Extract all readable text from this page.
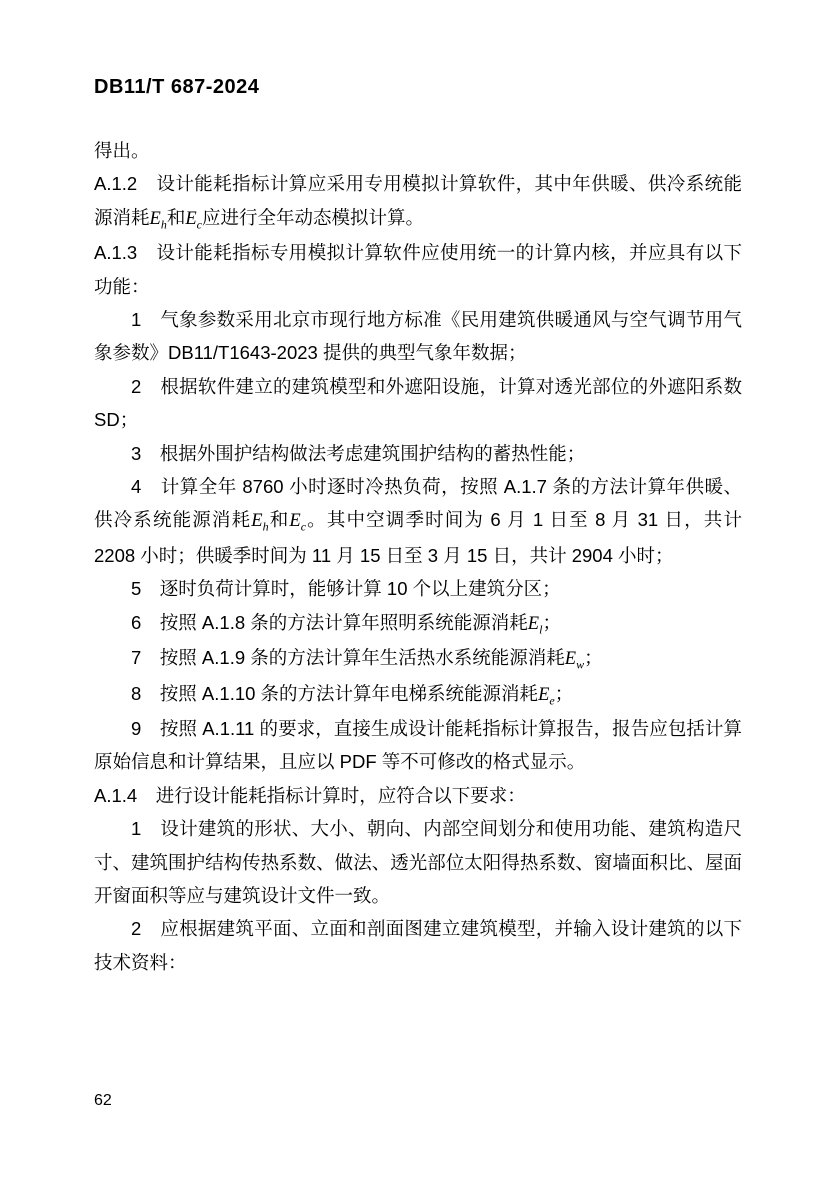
DB11/T 687-2024

得出。

A.1.2　设计能耗指标计算应采用专用模拟计算软件，其中年供暖、供冷系统能源消耗$E_h$和$E_c$应进行全年动态模拟计算。

A.1.3　设计能耗指标专用模拟计算软件应使用统一的计算内核，并应具有以下功能：

1　气象参数采用北京市现行地方标准《民用建筑供暖通风与空气调节用气象参数》DB11/T1643-2023 提供的典型气象年数据；

2　根据软件建立的建筑模型和外遮阳设施，计算对透光部位的外遮阳系数 SD；

3　根据外围护结构做法考虑建筑围护结构的蓄热性能；

4　计算全年 8760 小时逐时冷热负荷，按照 A.1.7 条的方法计算年供暖、供冷系统能源消耗$E_h$和$E_c$。其中空调季时间为 6 月 1 日至 8 月 31 日，共计 2208 小时；供暖季时间为 11 月 15 日至 3 月 15 日，共计 2904 小时；

5　逐时负荷计算时，能够计算 10 个以上建筑分区；

6　按照 A.1.8 条的方法计算年照明系统能源消耗$E_l$；

7　按照 A.1.9 条的方法计算年生活热水系统能源消耗$E_w$；

8　按照 A.1.10 条的方法计算年电梯系统能源消耗$E_e$；

9　按照 A.1.11 的要求，直接生成设计能耗指标计算报告，报告应包括计算原始信息和计算结果，且应以 PDF 等不可修改的格式显示。

A.1.4　进行设计能耗指标计算时，应符合以下要求：

1　设计建筑的形状、大小、朝向、内部空间划分和使用功能、建筑构造尺寸、建筑围护结构传热系数、做法、透光部位太阳得热系数、窗墙面积比、屋面开窗面积等应与建筑设计文件一致。

2　应根据建筑平面、立面和剖面图建立建筑模型，并输入设计建筑的以下技术资料：

62
